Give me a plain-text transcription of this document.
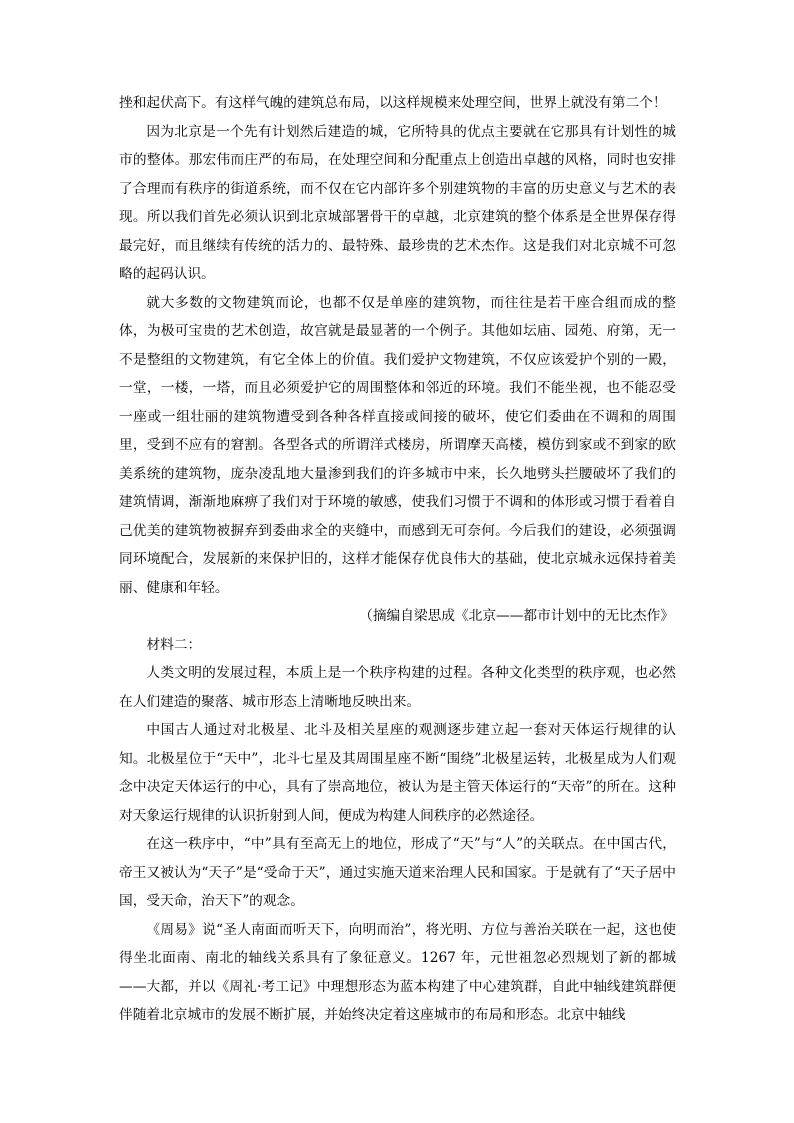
挫和起伏高下。有这样气魄的建筑总布局，以这样规模来处理空间，世界上就没有第二个！

因为北京是一个先有计划然后建造的城，它所特具的优点主要就在它那具有计划性的城市的整体。那宏伟而庄严的布局，在处理空间和分配重点上创造出卓越的风格，同时也安排了合理而有秩序的街道系统，而不仅在它内部许多个别建筑物的丰富的历史意义与艺术的表现。所以我们首先必须认识到北京城部署骨干的卓越，北京建筑的整个体系是全世界保存得最完好，而且继续有传统的活力的、最特殊、最珍贵的艺术杰作。这是我们对北京城不可忽略的起码认识。

就大多数的文物建筑而论，也都不仅是单座的建筑物，而往往是若干座合组而成的整体，为极可宝贵的艺术创造，故宫就是最显著的一个例子。其他如坛庙、园苑、府第，无一不是整组的文物建筑，有它全体上的价值。我们爱护文物建筑，不仅应该爱护个别的一殿，一堂，一楼，一塔，而且必须爱护它的周围整体和邻近的环境。我们不能坐视，也不能忍受一座或一组壮丽的建筑物遭受到各种各样直接或间接的破坏，使它们委曲在不调和的周围里，受到不应有的窘割。各型各式的所谓洋式楼房，所谓摩天高楼，模仿到家或不到家的欧美系统的建筑物，庞杂凌乱地大量渗到我们的许多城市中来，长久地劈头拦腰破坏了我们的建筑情调，渐渐地麻痹了我们对于环境的敏感，使我们习惯于不调和的体形或习惯于看着自己优美的建筑物被摒弃到委曲求全的夹缝中，而感到无可奈何。今后我们的建设，必须强调同环境配合，发展新的来保护旧的，这样才能保存优良伟大的基础，使北京城永远保持着美丽、健康和年轻。

（摘编自梁思成《北京——都市计划中的无比杰作》

材料二：

人类文明的发展过程，本质上是一个秩序构建的过程。各种文化类型的秩序观，也必然在人们建造的聚落、城市形态上清晰地反映出来。

中国古人通过对北极星、北斗及相关星座的观测逐步建立起一套对天体运行规律的认知。北极星位于“天中”，北斗七星及其周围星座不断“围绕”北极星运转，北极星成为人们观念中决定天体运行的中心，具有了崇高地位，被认为是主管天体运行的“天帝”的所在。这种对天象运行规律的认识折射到人间，便成为构建人间秩序的必然途径。

在这一秩序中，“中”具有至高无上的地位，形成了“天”与“人”的关联点。在中国古代，帝王又被认为“天子”是“受命于天”，通过实施天道来治理人民和国家。于是就有了“天子居中国，受天命，治天下”的观念。

《周易》说“圣人南面而听天下，向明而治”，将光明、方位与善治关联在一起，这也使得坐北面南、南北的轴线关系具有了象征意义。1267 年，元世祖忽必烈规划了新的都城——大都，并以《周礼·考工记》中理想形态为蓝本构建了中心建筑群，自此中轴线建筑群便伴随着北京城市的发展不断扩展，并始终决定着这座城市的布局和形态。北京中轴线
